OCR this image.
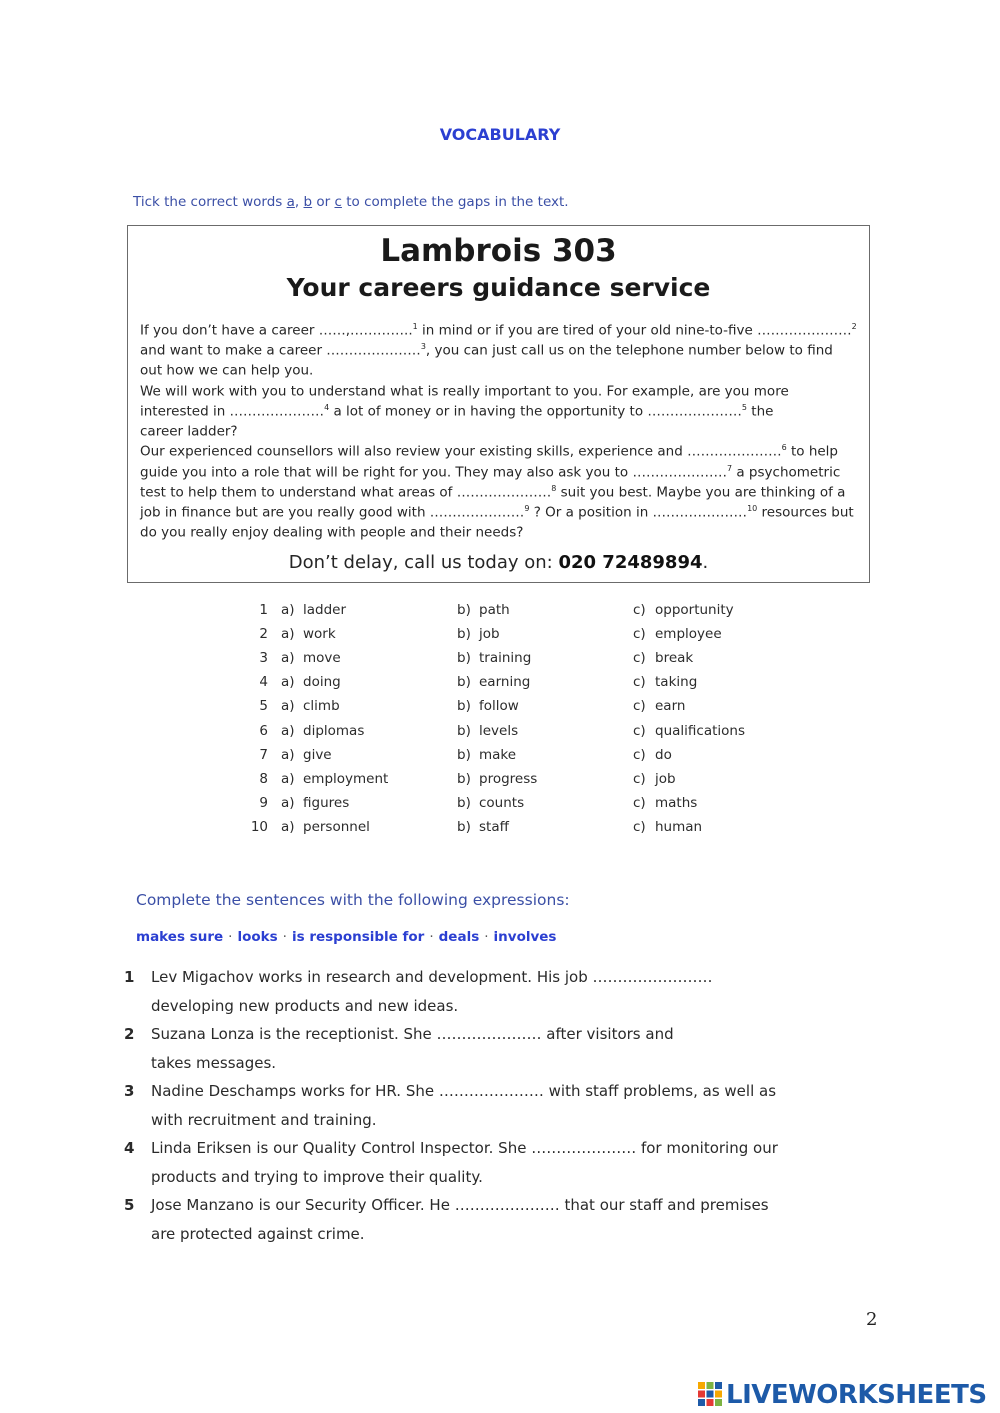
VOCABULARY
Tick the correct words a, b or c to complete the gaps in the text.
Lambrois 303
Your careers guidance service
If you don’t have a career ……,…………..$^1$ in mind or if you are tired of your old nine-to-five …………………$^2$
and want to make a career …………………$^3$, you can just call us on the telephone number below to find
out how we can help you.
We will work with you to understand what is really important to you. For example, are you more
interested in …………………$^4$ a lot of money or in having the opportunity to …………………$^5$ the
career ladder?
Our experienced counsellors will also review your existing skills, experience and …………………$^6$ to help
guide you into a role that will be right for you. They may also ask you to …………………$^7$ a psychometric
test to help them to understand what areas of …………………$^8$ suit you best. Maybe you are thinking of a
job in finance but are you really good with …………………$^9$ ? Or a position in …………………$^{10}$ resources but
do you really enjoy dealing with people and their needs?
Don’t delay, call us today on: 020 72489894.
1 a) ladder	b) path	c) opportunity
2 a) work	b) job	c) employee
3 a) move	b) training	c) break
4 a) doing	b) earning	c) taking
5 a) climb	b) follow	c) earn
6 a) diplomas	b) levels	c) qualifications
7 a) give	b) make	c) do
8 a) employment	b) progress	c) job
9 a) figures	b) counts	c) maths
10 a) personnel	b) staff	c) human
Complete the sentences with the following expressions:
makes sure · looks · is responsible for · deals · involves
1 Lev Migachov works in research and development. His job ……………………
developing new products and new ideas.
2 Suzana Lonza is the receptionist. She ………………… after visitors and
takes messages.
3 Nadine Deschamps works for HR. She ………………… with staff problems, as well as
with recruitment and training.
4 Linda Eriksen is our Quality Control Inspector. She ………………… for monitoring our
products and trying to improve their quality.
5 Jose Manzano is our Security Officer. He ………………… that our staff and premises
are protected against crime.
2
LIVEWORKSHEETS
